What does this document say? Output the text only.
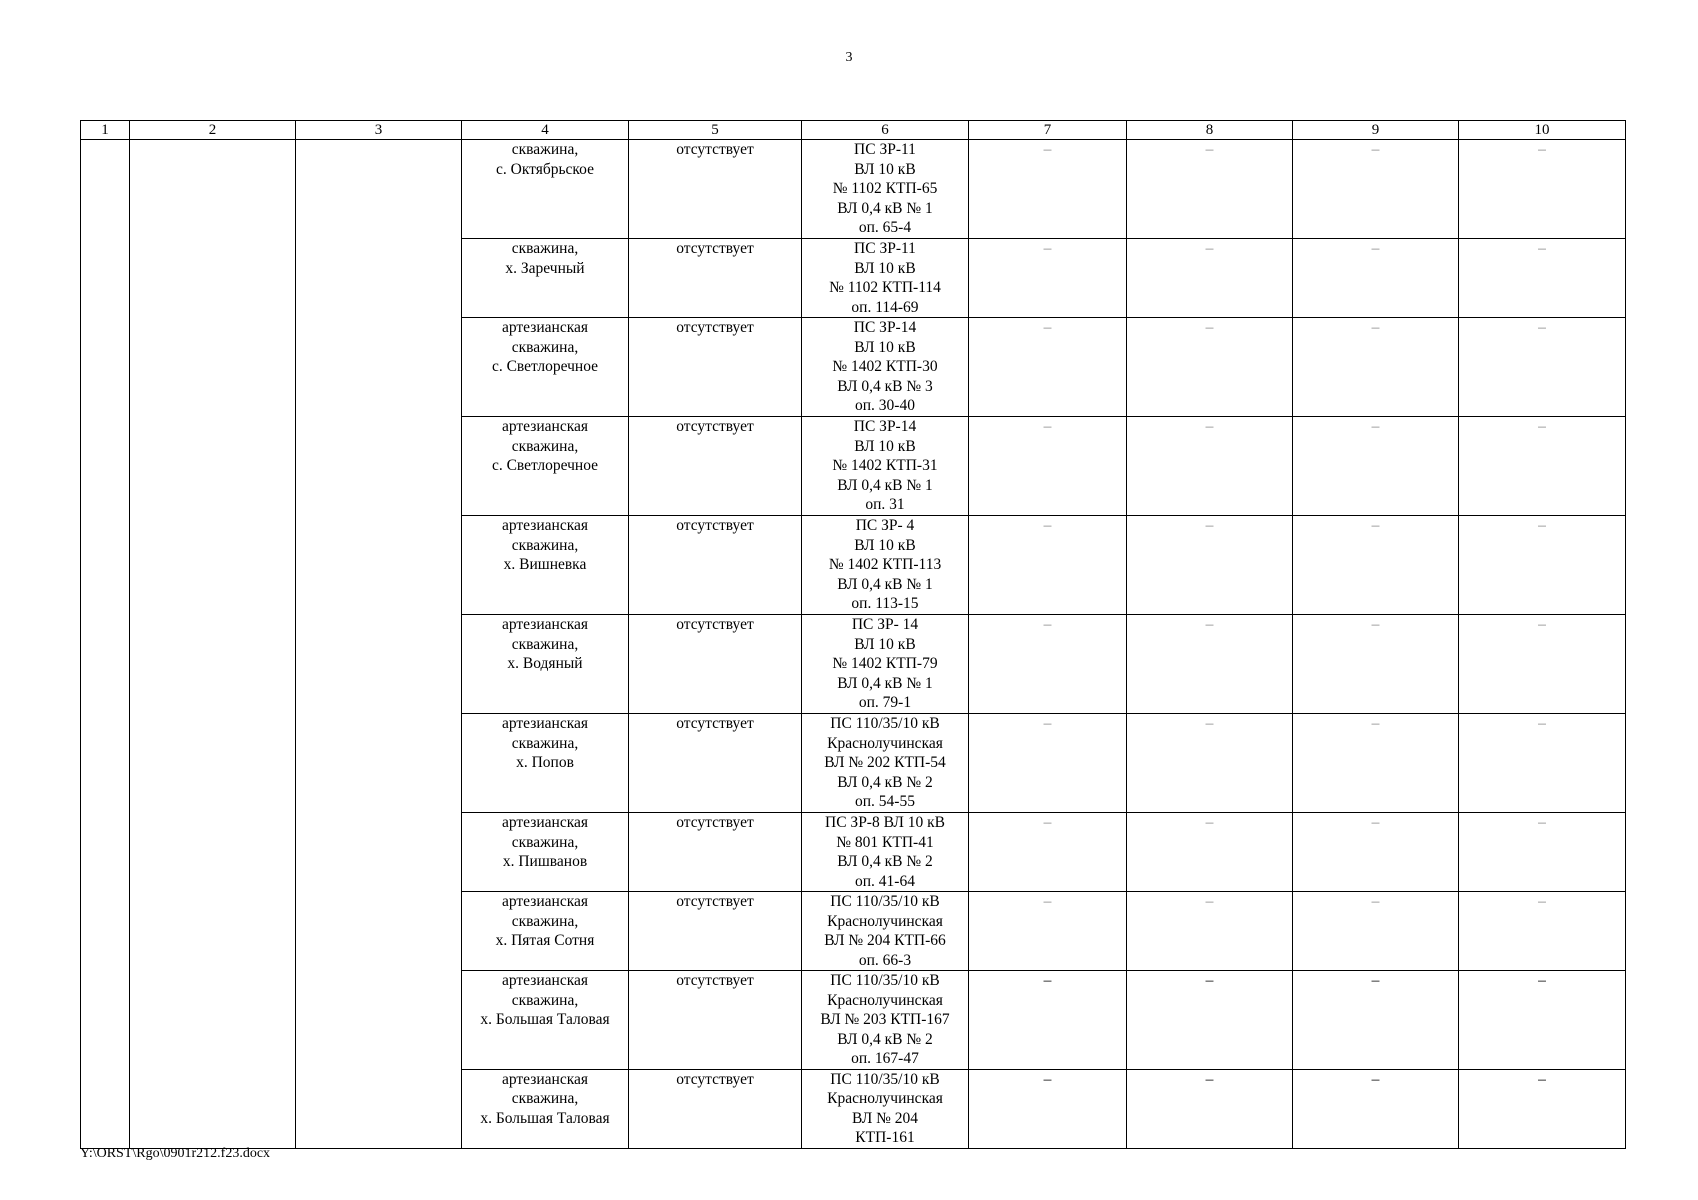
3
1	2	3	4	5	6	7	8	9	10
			скважина,
с. Октябрьское	отсутствует	ПС ЗР-11
ВЛ 10 кВ
№ 1102 КТП-65
ВЛ 0,4 кВ № 1
оп. 65-4	–	–	–	–
			скважина,
х. Заречный	отсутствует	ПС ЗР-11
ВЛ 10 кВ
№ 1102 КТП-114
оп. 114-69	–	–	–	–
			артезианская
скважина,
с. Светлоречное	отсутствует	ПС ЗР-14
ВЛ 10 кВ
№ 1402 КТП-30
ВЛ 0,4 кВ № 3
оп. 30-40	–	–	–	–
			артезианская
скважина,
с. Светлоречное	отсутствует	ПС ЗР-14
ВЛ 10 кВ
№ 1402 КТП-31
ВЛ 0,4 кВ № 1
оп. 31	–	–	–	–
			артезианская
скважина,
х. Вишневка	отсутствует	ПС ЗР- 4
ВЛ 10 кВ
№ 1402 КТП-113
ВЛ 0,4 кВ № 1
оп. 113-15	–	–	–	–
			артезианская
скважина,
х. Водяный	отсутствует	ПС ЗР- 14
ВЛ 10 кВ
№ 1402 КТП-79
ВЛ 0,4 кВ № 1
оп. 79-1	–	–	–	–
			артезианская
скважина,
х. Попов	отсутствует	ПС 110/35/10 кВ
Краснолучинская
ВЛ № 202 КТП-54
ВЛ 0,4 кВ № 2
оп. 54-55	–	–	–	–
			артезианская
скважина,
х. Пишванов	отсутствует	ПС ЗР-8 ВЛ 10 кВ
№ 801 КТП-41
ВЛ 0,4 кВ № 2
оп. 41-64	–	–	–	–
			артезианская
скважина,
х. Пятая Сотня	отсутствует	ПС 110/35/10 кВ
Краснолучинская
ВЛ № 204 КТП-66
оп. 66-3	–	–	–	–
			артезианская
скважина,
х. Большая Таловая	отсутствует	ПС 110/35/10 кВ
Краснолучинская
ВЛ № 203 КТП-167
ВЛ 0,4 кВ № 2
оп. 167-47	–	–	–	–
			артезианская
скважина,
х. Большая Таловая	отсутствует	ПС 110/35/10 кВ
Краснолучинская
ВЛ № 204
КТП-161	–	–	–	–
Y:\ORST\Rgo\0901r212.f23.docx
